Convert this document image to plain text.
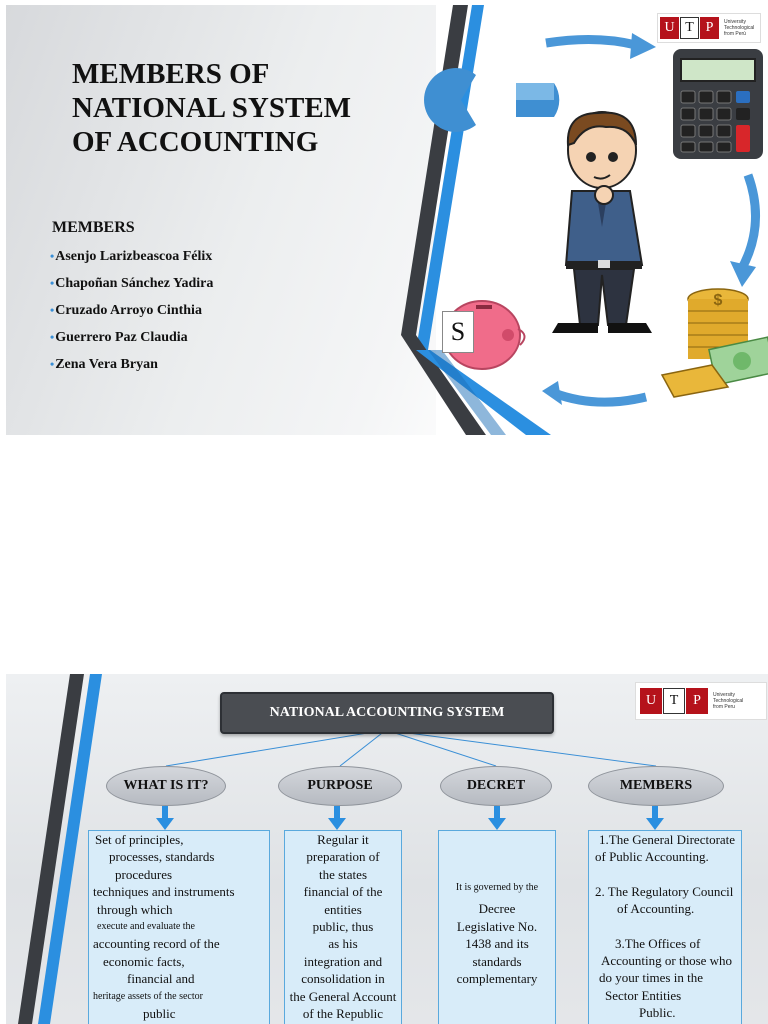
$
MEMBERS OF
NATIONAL SYSTEM
OF ACCOUNTING
MEMBERS
•Asenjo Larizbeascoa Félix
•Chapoñan Sánchez Yadira
•Cruzado Arroyo Cinthia
•Guerrero Paz Claudia
•Zena Vera Bryan
U T P	University
Technological
from Perú
S
NATIONAL ACCOUNTING SYSTEM
U T	P	University
Technological
from Peru
WHAT IS IT?	PURPOSE	DECRET	MEMBERS
Set of principles,
processes, standards
procedures
techniques and instruments
through which
execute and evaluate the
accounting record of the
economic facts,
financial and
heritage assets of the sector
public
Regular it
preparation of
the states
financial of the
entities
public, thus
as his
integration and
consolidation in
the General Account
of the Republic
It is governed by the
Decree
Legislative No.
1438 and its
standards
complementary
1.The General Directorate
of Public Accounting.
2. The Regulatory Council
of Accounting.
3.The Offices of
Accounting or those who
do your times in the
Sector Entities
Public.
